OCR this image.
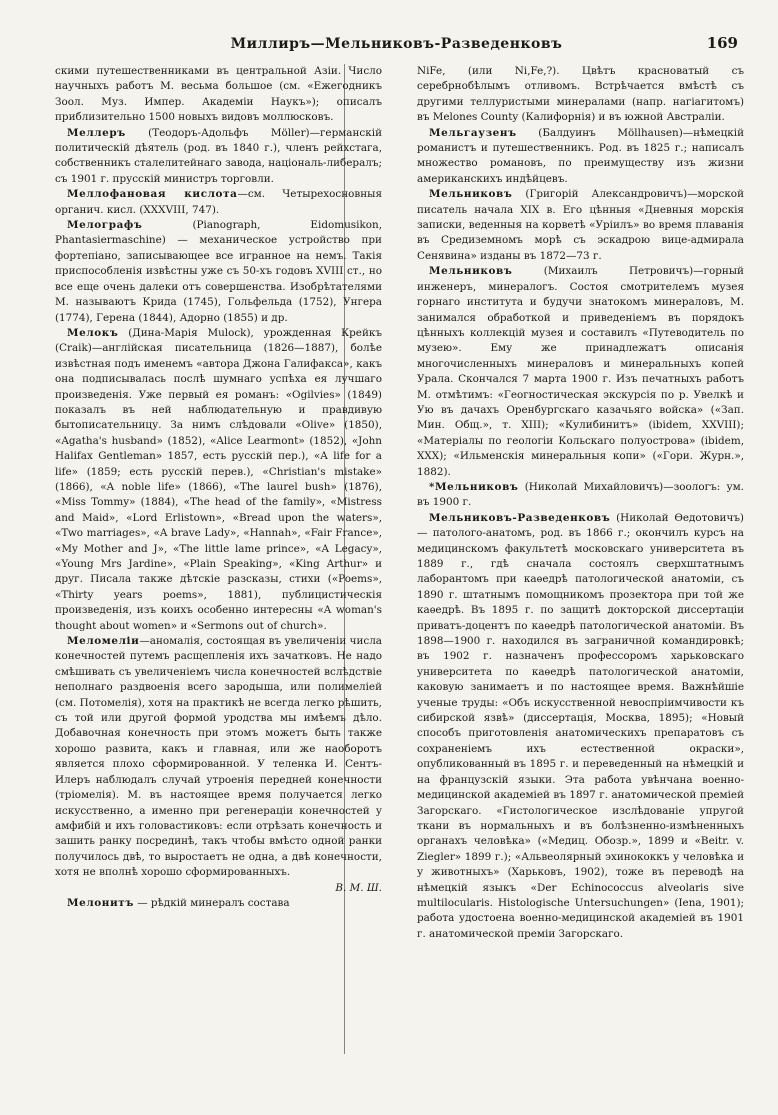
Миллиръ—Мельниковъ-Разведенковъ	169

скими путешественниками въ центральной Азіи. Число научныхъ работъ М. весьма большое (см. «Ежегодникъ Зоол. Муз. Импер. Академіи Наукъ»); описалъ приблизительно 1500 новыхъ видовъ моллюсковъ.

Меллеръ (Теодоръ-Адольфъ Möller)—германскій политическій дѣятель (род. въ 1840 г.), членъ рейхстага, собственникъ сталелитейнаго завода, національ-либералъ; съ 1901 г. прусскій министръ торговли.

Меллофановая кислота—см. Четырехосновныя органич. кисл. (XXXVIII, 747).

Мелографъ (Pianograph, Eidomusikon, Phantasiermaschine) — механическое устройство при фортепіано, записывающее все играннoе на немъ. Такія приспособленія извѣстны уже съ 50-хъ годовъ XVIII ст., но все еще очень далеки отъ совершенства. Изобрѣтателями М. называютъ Крида (1745), Гольфельда (1752), Унгера (1774), Герена (1844), Адорно (1855) и др.

Мелокъ (Дина-Марія Mulock), урожденная Крейкъ (Craik)—англійская писательница (1826—1887), болѣе извѣстная подъ именемъ «автора Джона Галифакса», какъ она подписывалась послѣ шумнаго успѣха ея лучшаго произведенія. Уже первый ея романъ: «Ogilvies» (1849) показалъ въ ней наблюдательную и правдивую бытописательницу. За нимъ слѣдовали «Olive» (1850), «Agatha's husband» (1852), «Alice Learmont» (1852), «John Halifax Gentleman» 1857, есть русскій пер.), «A life for a life» (1859; есть русскій перев.), «Christian's mistake» (1866), «A noble life» (1866), «The laurel bush» (1876), «Miss Tommy» (1884), «The head of the family», «Mistress and Maid», «Lord Erlistown», «Bread upon the waters», «Two marriages», «A brave Lady», «Hannah», «Fair France», «My Mother and J», «The little lame prince», «A Legacy», «Young Mrs Jardine», «Plain Speaking», «King Arthur» и друг. Писала также дѣтскіе разсказы, стихи («Poems», «Thirty years poems», 1881), публицистическія произведенія, изъ коихъ особенно интересны «A woman's thought about women» и «Sermons out of church».

Меломеліи—аномалія, состоящая въ увеличеніи числа конечностей путемъ расщепленія ихъ зачатковъ. Не надо смѣшивать съ увеличеніемъ числа конечностей вслѣдствіе неполнаго раздвоенія всего зародыша, или полимеліей (см. Потомелія), хотя на практикѣ не всегда легко рѣшить, съ той или другой формой уродства мы имѣемъ дѣло. Добавочная конечность при этомъ можетъ быть также хорошо развита, какъ и главная, или же наоборотъ является плохо сформированной. У теленка И. Сентъ-Илеръ наблюдалъ случай утроенія передней конечности (тріомелія). М. въ настоящее время получается легко искусственно, а именно при регенераціи конечностей у амфибій и ихъ головастиковъ: если отрѣзать конечность и зашить ранку посрединѣ, такъ чтобы вмѣсто одной ранки получилось двѣ, то выростаетъ не одна, а двѣ конечности, хотя не вполнѣ хорошо сформированныхъ.
В. М. Ш.

Мелонитъ — рѣдкій минералъ состава

NiFe, (или Ni,Fe,?). Цвѣтъ красноватый съ серебрнобѣлымъ отливомъ. Встрѣчается вмѣстѣ съ другими теллуристыми минералами (напр. нагіагитомъ) въ Melones County (Калифорнія) и въ южной Австраліи.

Мельгаузенъ (Балдуинъ Möllhausen)—нѣмецкій романистъ и путешественникъ. Род. въ 1825 г.; написалъ множество романовъ, по преимуществу изъ жизни американскихъ индѣйцевъ.

Мельниковъ (Григорій Александровичъ)—морской писатель начала XIX в. Его цѣнныя «Дневныя морскія записки, веденныя на корветѣ «Уріилъ» во время плаванія въ Средиземномъ морѣ съ эскадрою вице-адмирала Сенявина» изданы въ 1872—73 г.

Мельниковъ (Михаилъ Петровичъ)—горный инженеръ, минералогъ. Состоя смотрителемъ музея горнаго института и будучи знатокомъ минераловъ, М. занимался обработкой и приведеніемъ въ порядокъ цѣнныхъ коллекцій музея и составилъ «Путеводитель по музею». Ему же принадлежатъ описанія многочисленныхъ минераловъ и минеральныхъ копей Урала. Скончался 7 марта 1900 г. Изъ печатныхъ работъ М. отмѣтимъ: «Геогностическая экскурсія по р. Увелкѣ и Ую въ дачахъ Оренбургскаго казачьяго войска» («Зап. Мин. Общ.», т. XIII); «Кулибинитъ» (ibidem, XXVIII); «Матеріалы по геологіи Кольскаго полуострова» (ibidem, XXX); «Ильменскія минеральныя копи» («Гори. Журн.», 1882).

*Мельниковъ (Николай Михайловичъ)—зоологъ: ум. въ 1900 г.

Мельниковъ-Разведенковъ (Николай Ѳедотовичъ) — патолого-анатомъ, род. въ 1866 г.; окончилъ курсъ на медицинскомъ факультетѣ московскаго университета въ 1889 г., гдѣ сначала состоялъ сверхштатнымъ лаборантомъ при каѳедрѣ патологической анатоміи, съ 1890 г. штатнымъ помощникомъ прозектора при той же каѳедрѣ. Въ 1895 г. по защитѣ докторской диссертаціи приватъ-доцентъ по каѳедрѣ патологической анатоміи. Въ 1898—1900 г. находился въ заграничной командировкѣ; въ 1902 г. назначенъ профессоромъ харьковскаго университета по каѳедрѣ патологической анатоміи, каковую занимаетъ и по настоящее время. Важнѣйшіе ученые труды: «Объ искусственной невоспріимчивости къ сибирской язвѣ» (диссертація, Москва, 1895); «Новый способъ приготовленія анатомическихъ препаратовъ съ сохраненіемъ ихъ естественной окраски», опубликованный въ 1895 г. и переведенный на нѣмецкій и на французскій языки. Эта работа увѣнчана военно-медицинской академіей въ 1897 г. анатомической преміей Загорскаго. «Гистологическое изслѣдованіе упругой ткани въ нормальныхъ и въ болѣзненно-измѣненныхъ органахъ человѣка» («Медиц. Обозр.», 1899 и «Beitr. v. Ziegler» 1899 г.); «Альвеолярный эхинококкъ у человѣка и у животныхъ» (Харьковъ, 1902), тоже въ переводѣ на нѣмецкій языкъ «Der Echinococcus alveolaris sive multilocularis. Histologische Untersuchungen» (Iena, 1901); работа удостоена военно-медицинской академіей въ 1901 г. анатомической преміи Загорскаго.
